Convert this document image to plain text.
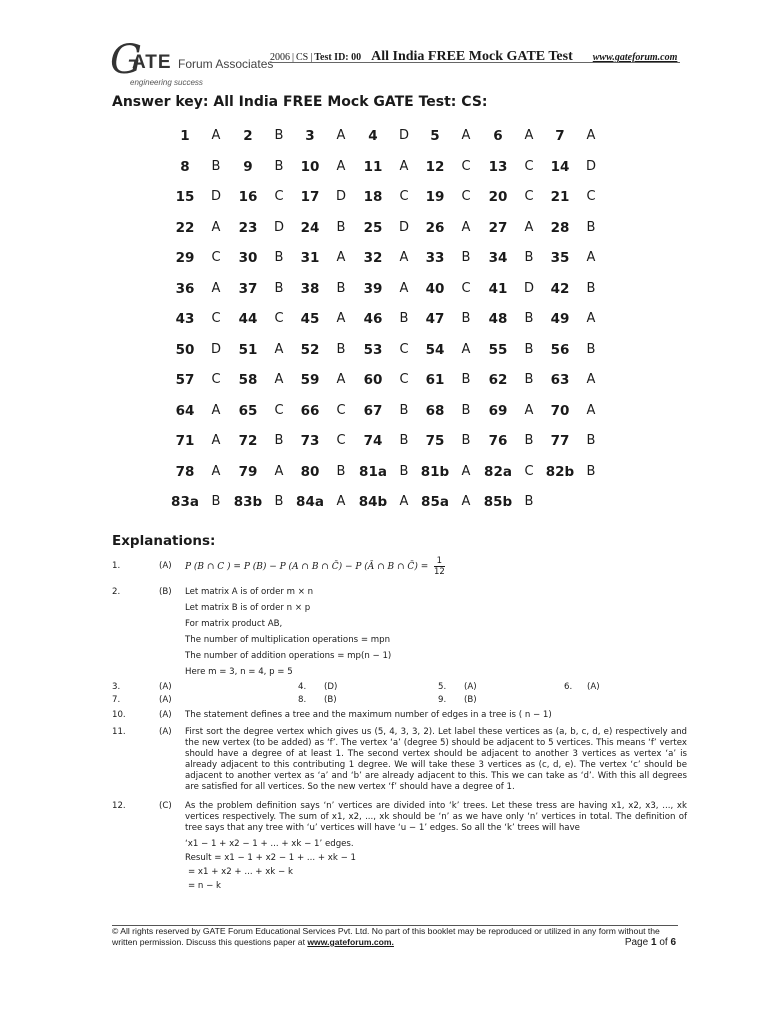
G
ATE Forum Associates
engineering success
2006 | CS | Test ID: 00 All India FREE Mock GATE Test www.gateforum.com
Answer key: All India FREE Mock GATE Test: CS:
1	A	2	B	3	A	4	D	5	A	6	A	7	A
8	B	9	B	10	A	11	A	12	C	13	C	14	D
15	D	16	C	17	D	18	C	19	C	20	C	21	C
22	A	23	D	24	B	25	D	26	A	27	A	28	B
29	C	30	B	31	A	32	A	33	B	34	B	35	A
36	A	37	B	38	B	39	A	40	C	41	D	42	B
43	C	44	C	45	A	46	B	47	B	48	B	49	A
50	D	51	A	52	B	53	C	54	A	55	B	56	B
57	C	58	A	59	A	60	C	61	B	62	B	63	A
64	A	65	C	66	C	67	B	68	B	69	A	70	A
71	A	72	B	73	C	74	B	75	B	76	B	77	B
78	A	79	A	80	B	81a B 81b A	82a C 82b B
83a B 83b B 84a A 84b A 85a A 85b B
Explanations:
1.	(A) P (B ∩ C ) = P (B) − P (A ∩ B ∩ C̄) − P (Ā ∩ B ∩ C̄) = $\frac{1}{12}$
2.	(B) Let matrix A is of order m × n
Let matrix B is of order n × p
For matrix product AB,
The number of multiplication operations = mpn
The number of addition operations = mp(n − 1)
Here m = 3, n = 4, p = 5
3.	(A)	4. (D)	5. (A)	6. (A)
7.	(A)	8. (B)	9. (B)
10.	(A) The statement defines a tree and the maximum number of edges in a tree is ( n − 1)
11.	(A) First sort the degree vertex which gives us (5, 4, 3, 3, 2). Let label these vertices as (a, b, c, d, e) respectively and the new vertex (to be added) as ‘f’. The vertex ‘a’ (degree 5) should be adjacent to 5 vertices. This means ‘f’ vertex should have a degree of at least 1. The second vertex should be adjacent to another 3 vertices as vertex ‘a’ is already adjacent to this contributing 1 degree. We will take these 3 vertices as (c, d, e). The vertex ‘c’ should be adjacent to another vertex as ‘a’ and ‘b’ are already adjacent to this. This we can take as ‘d’. With this all degrees are satisfied for all vertices. So the new vertex ‘f’ should have a degree of 1.
12.	(C) As the problem definition says ‘n’ vertices are divided into ‘k’ trees. Let these tress are having x1, x2, x3, ..., xk vertices respectively. The sum of x1, x2, ..., xk should be ‘n’ as we have only ‘n’ vertices in total. The definition of tree says that any tree with ‘u’ vertices will have ‘u − 1’ edges. So all the ‘k’ trees will have
‘x1 − 1 + x2 − 1 + ... + xk − 1’ edges.
Result = x1 − 1 + x2 − 1 + ... + xk − 1
= x1 + x2 + ... + xk − k
= n − k
© All rights reserved by GATE Forum Educational Services Pvt. Ltd. No part of this booklet may be reproduced or utilized in any form without the written permission. Discuss this questions paper at www.gateforum.com.	Page 1 of 6
